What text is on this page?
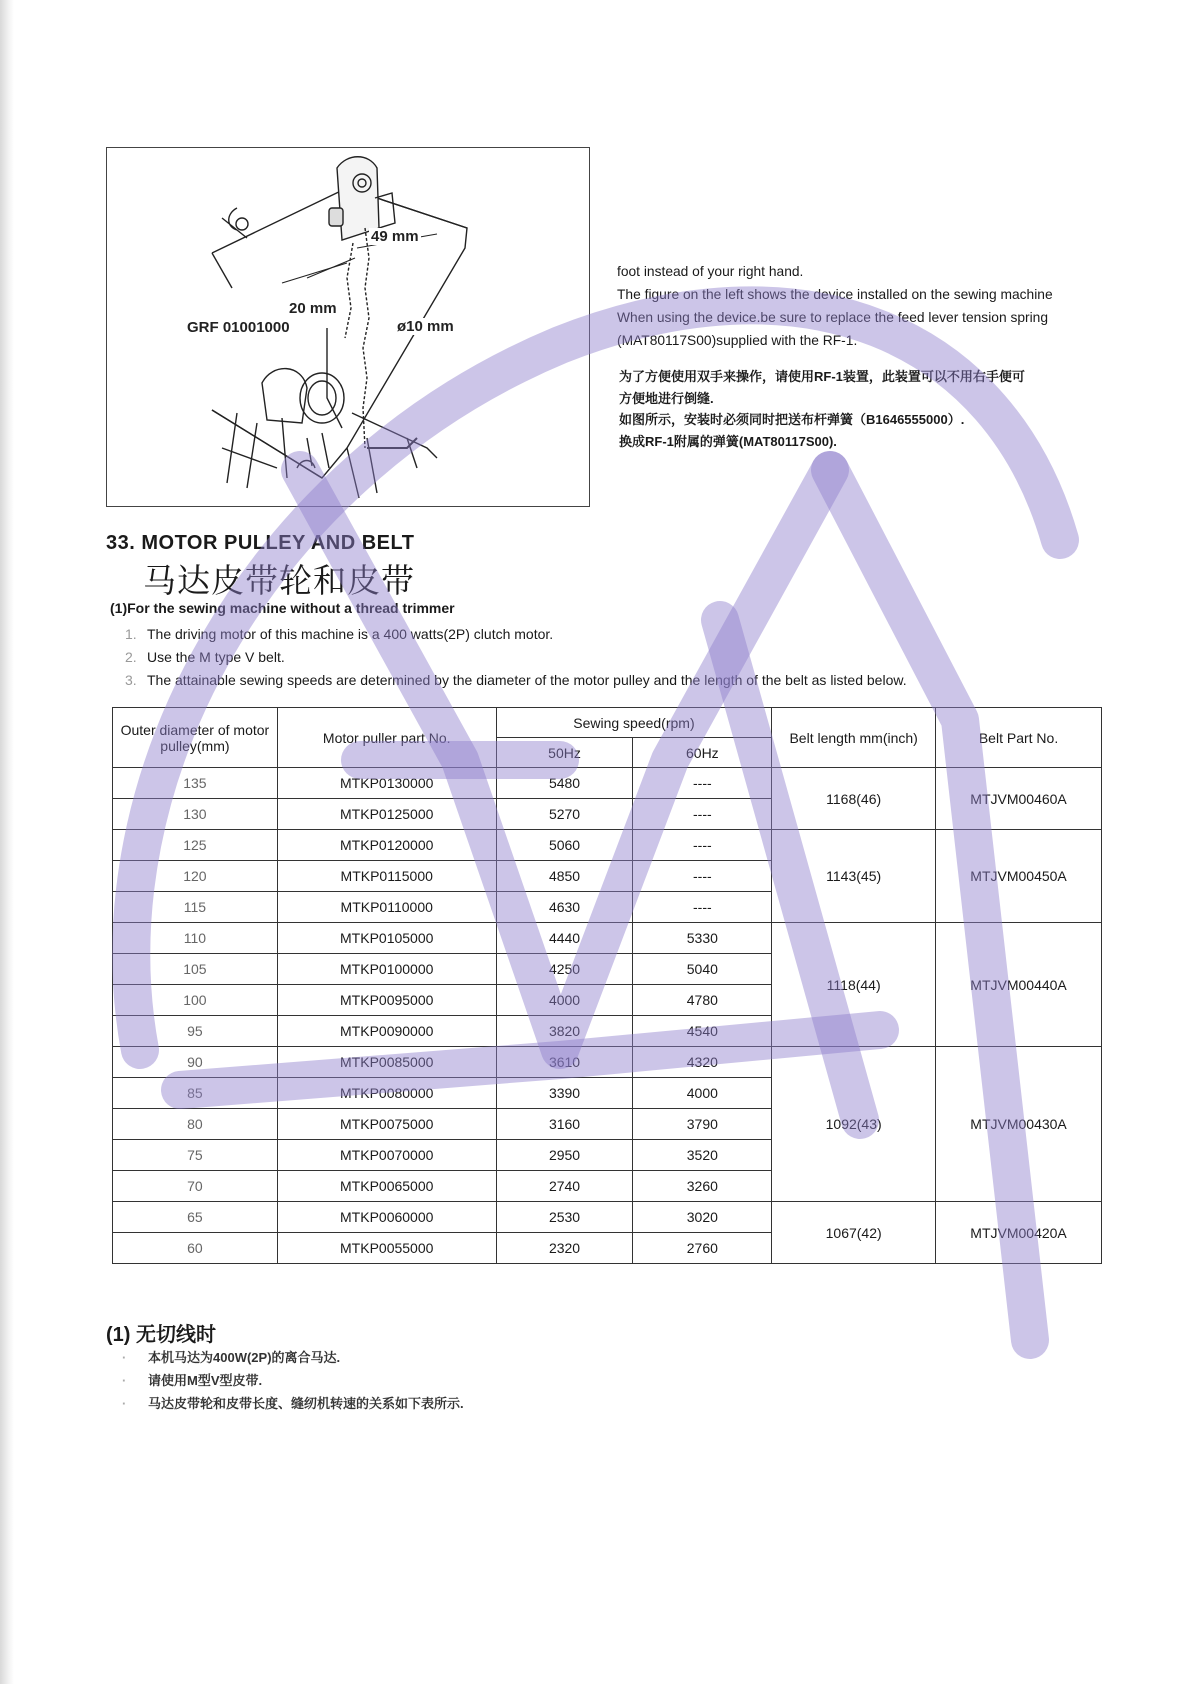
49 mm
20 mm
GRF 01001000	ø10 mm

foot instead of your right hand.

The figure on the left shows the device installed on the sewing machine

When using the device.be sure to replace the feed lever tension spring

(MAT80117S00)supplied with the RF-1.

为了方便使用双手来操作，请使用RF-1装置，此装置可以不用右手便可

方便地进行倒缝.

如图所示，安装时必须同时把送布杆弹簧（B1646555000）.

换成RF-1附属的弹簧(MAT80117S00).

33. MOTOR PULLEY AND BELT
马达皮带轮和皮带
(1)For the sewing machine without a thread trimmer
1. The driving motor of this machine is a 400 watts(2P) clutch motor.
2. Use the M type V belt.
3. The attainable sewing speeds are determined by the diameter of the motor pulley and the length of the belt as listed below.
Outer diameter of motor pulley(mm)	Motor puller part No.	Sewing speed(rpm)		Belt length mm(inch)	Belt Part No.
		50Hz	60Hz		
135	MTKP0130000	5480	----	1168(46)	MTJVM00460A
130	MTKP0125000	5270	----		
125	MTKP0120000	5060	----	1143(45)	MTJVM00450A
120	MTKP0115000	4850	----		
115	MTKP0110000	4630	----		
110	MTKP0105000	4440	5330	1118(44)	MTJVM00440A
105	MTKP0100000	4250	5040		
100	MTKP0095000	4000	4780		
95	MTKP0090000	3820	4540		
90	MTKP0085000	3610	4320	1092(43)	MTJVM00430A
85	MTKP0080000	3390	4000		
80	MTKP0075000	3160	3790		
75	MTKP0070000	2950	3520		
70	MTKP0065000	2740	3260		
65	MTKP0060000	2530	3020	1067(42)	MTJVM00420A
60	MTKP0055000	2320	2760		
(1) 无切线时
· 本机马达为400W(2P)的离合马达.
· 请使用M型V型皮带.
· 马达皮带轮和皮带长度、缝纫机转速的关系如下表所示.
